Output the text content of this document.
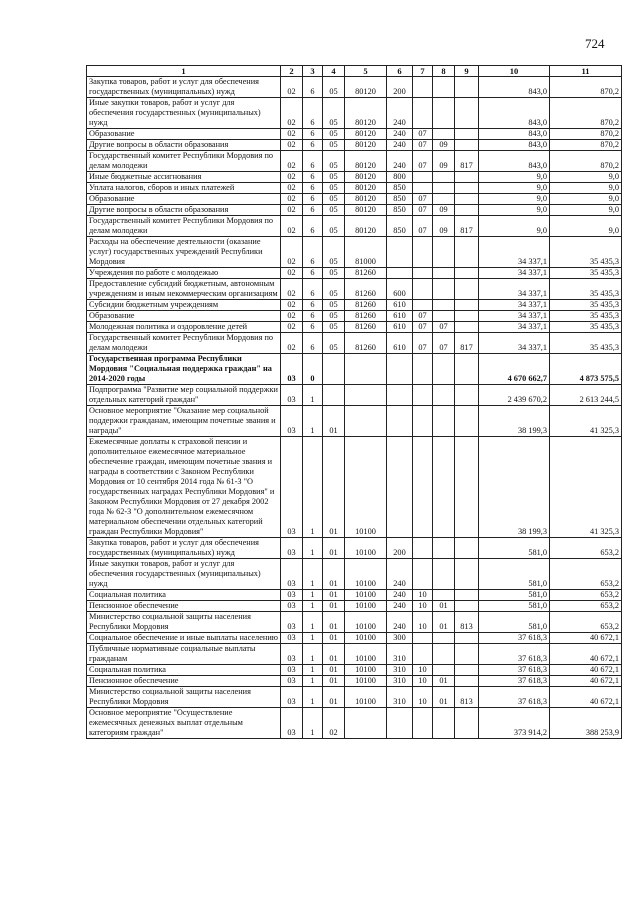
724
1	2	3	4	5	6	7	8	9	10	11
Закупка товаров, работ и услуг для обеспечения государственных (муниципальных) нужд	02	6	05	80120	200				843,0	870,2
Иные закупки товаров, работ и услуг для обеспечения государственных (муниципальных) нужд	02	6	05	80120	240				843,0	870,2
Образование	02	6	05	80120	240	07			843,0	870,2
Другие вопросы в области образования	02	6	05	80120	240	07	09		843,0	870,2
Государственный комитет Республики Мордовия по делам молодежи	02	6	05	80120	240	07	09	817	843,0	870,2
Иные бюджетные ассигнования	02	6	05	80120	800				9,0	9,0
Уплата налогов, сборов и иных платежей	02	6	05	80120	850				9,0	9,0
Образование	02	6	05	80120	850	07			9,0	9,0
Другие вопросы в области образования	02	6	05	80120	850	07	09		9,0	9,0
Государственный комитет Республики Мордовия по делам молодежи	02	6	05	80120	850	07	09	817	9,0	9,0
Расходы на обеспечение деятельности (оказание услуг) государственных учреждений Республики Мордовия	02	6	05	81000					34 337,1	35 435,3
Учреждения по работе с молодежью	02	6	05	81260					34 337,1	35 435,3
Предоставление субсидий бюджетным, автономным учреждениям и иным некоммерческим организациям	02	6	05	81260	600				34 337,1	35 435,3
Субсидии бюджетным учреждениям	02	6	05	81260	610				34 337,1	35 435,3
Образование	02	6	05	81260	610	07			34 337,1	35 435,3
Молодежная политика и оздоровление детей	02	6	05	81260	610	07	07		34 337,1	35 435,3
Государственный комитет Республики Мордовия по делам молодежи	02	6	05	81260	610	07	07	817	34 337,1	35 435,3
Государственная программа Республики Мордовия "Социальная поддержка граждан" на 2014-2020 годы	03	0							4 670 662,7	4 873 575,5
Подпрограмма "Развитие мер социальной поддержки отдельных категорий граждан"	03	1							2 439 670,2	2 613 244,5
Основное мероприятие "Оказание мер социальной поддержки гражданам, имеющим почетные звания и награды"	03	1	01						38 199,3	41 325,3
Ежемесячные доплаты к страховой пенсии и дополнительное ежемесячное материальное обеспечение граждан, имеющим почетные звания и награды в соответствии с Законом Республики Мордовия от 10 сентября 2014 года № 61-З "О государственных наградах Республики Мордовия" и Законом Республики Мордовия от 27 декабря 2002 года № 62-З "О дополнительном ежемесячном материальном обеспечении отдельных категорий граждан Республики Мордовия"	03	1	01	10100					38 199,3	41 325,3
Закупка товаров, работ и услуг для обеспечения государственных (муниципальных) нужд	03	1	01	10100	200				581,0	653,2
Иные закупки товаров, работ и услуг для обеспечения государственных (муниципальных) нужд	03	1	01	10100	240				581,0	653,2
Социальная политика	03	1	01	10100	240	10			581,0	653,2
Пенсионное обеспечение	03	1	01	10100	240	10	01		581,0	653,2
Министерство социальной защиты населения Республики Мордовия	03	1	01	10100	240	10	01	813	581,0	653,2
Социальное обеспечение и иные выплаты населению	03	1	01	10100	300				37 618,3	40 672,1
Публичные нормативные социальные выплаты гражданам	03	1	01	10100	310				37 618,3	40 672,1
Социальная политика	03	1	01	10100	310	10			37 618,3	40 672,1
Пенсионное обеспечение	03	1	01	10100	310	10	01		37 618,3	40 672,1
Министерство социальной защиты населения Республики Мордовия	03	1	01	10100	310	10	01	813	37 618,3	40 672,1
Основное мероприятие "Осуществление ежемесячных денежных выплат отдельным категориям граждан"	03	1	02						373 914,2	388 253,9
